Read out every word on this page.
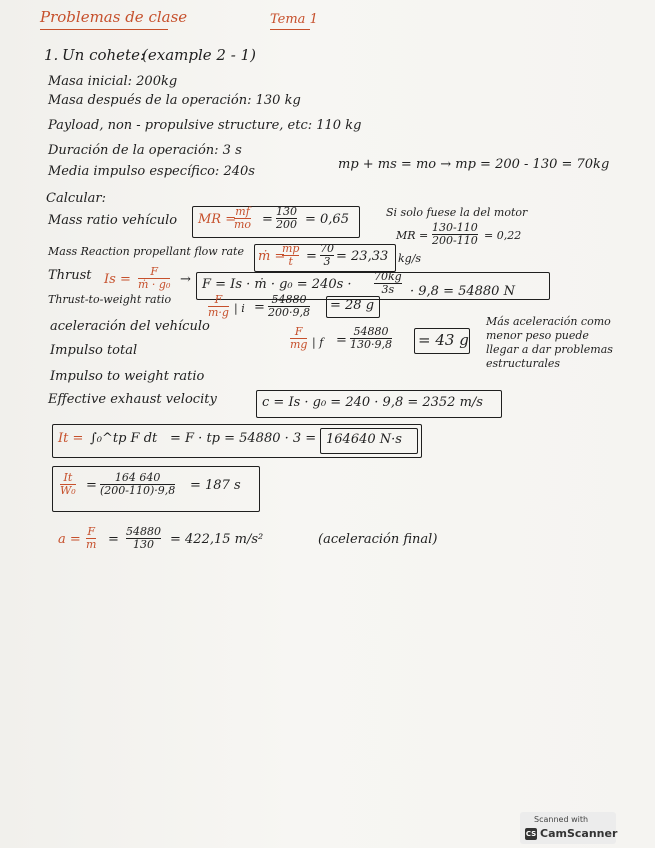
Problemas de clase	Tema 1
1. Un cohete:
(example 2 - 1)
Masa inicial: 200kg
Masa después de la operación: 130 kg
Payload, non - propulsive structure, etc: 110 kg
Duración de la operación: 3 s
Media impulso específico: 240s	mp + ms = mo → mp = 200 - 130 = 70kg
Calcular:
Mass ratio vehículo
Mass Reaction propellant flow rate
Thrust
Thrust-to-weight ratio
aceleración del vehículo
Impulso total
Impulso to weight ratio
Effective exhaust velocity
MR =
mf
mo =
130
200 = 0,65	Si solo fuese la del motor
MR =
130-110
200-110 = 0,22
ṁ =
mp
t =
70
3 = 23,33 kg/s
Is =
F
ṁ · g₀ → F = Is · ṁ · g₀ = 240s ·
70kg
3s · 9,8 = 54880 N
F
m·g | i =
54880
200·9,8 = 28 g
Más aceleración como menor peso puede llegar a dar problemas estructurales
F
mg | f =
54880
130·9,8 = 43 g
c = Is · g₀ = 240 · 9,8 = 2352 m/s
It = ∫₀^tp F dt = F · tp = 54880 · 3 = 164640 N·s
It
W₀ =
164 640
(200-110)·9,8 = 187 s
a =
F
m =
54880
130 = 422,15 m/s²	(aceleración final)
Scanned with
CS CamScanner
